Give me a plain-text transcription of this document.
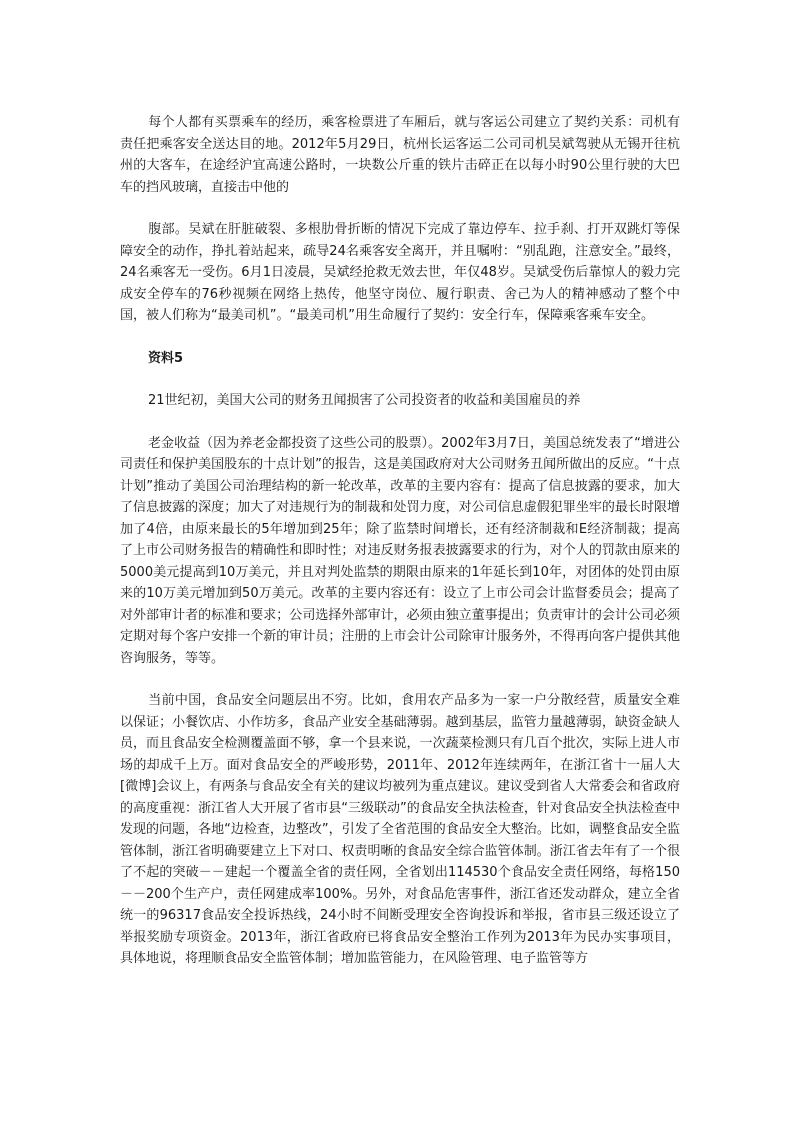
每个人都有买票乘车的经历，乘客检票进了车厢后，就与客运公司建立了契约关系：司机有责任把乘客安全送达目的地。2012年5月29日，杭州长运客运二公司司机吴斌驾驶从无锡开往杭州的大客车，在途经沪宜高速公路时，一块数公斤重的铁片击碎正在以每小时90公里行驶的大巴车的挡风玻璃，直接击中他的

腹部。吴斌在肝脏破裂、多根肋骨折断的情况下完成了靠边停车、拉手刹、打开双跳灯等保障安全的动作，挣扎着站起来，疏导24名乘客安全离开，并且嘱咐：“别乱跑，注意安全。”最终，24名乘客无一受伤。6月1日凌晨，吴斌经抢救无效去世，年仅48岁。吴斌受伤后靠惊人的毅力完成安全停车的76秒视频在网络上热传，他坚守岗位、履行职责、舍己为人的精神感动了整个中国，被人们称为“最美司机”。“最美司机”用生命履行了契约：安全行车，保障乘客乘车安全。

资料5

21世纪初，美国大公司的财务丑闻损害了公司投资者的收益和美国雇员的养

老金收益（因为养老金都投资了这些公司的股票）。2002年3月7日，美国总统发表了“增进公司责任和保护美国股东的十点计划”的报告，这是美国政府对大公司财务丑闻所做出的反应。“十点计划”推动了美国公司治理结构的新一轮改革，改革的主要内容有：提高了信息披露的要求，加大了信息披露的深度；加大了对违规行为的制裁和处罚力度，对公司信息虚假犯罪坐牢的最长时限增加了4倍，由原来最长的5年增加到25年；除了监禁时间增长，还有经济制裁和E经济制裁；提高了上市公司财务报告的精确性和即时性；对违反财务报表披露要求的行为，对个人的罚款由原来的5000美元提高到10万美元，并且对判处监禁的期限由原来的1年延长到10年，对团体的处罚由原来的10万美元增加到50万美元。改革的主要内容还有：设立了上市公司会计监督委员会；提高了对外部审计者的标准和要求；公司选择外部审计，必须由独立董事提出；负责审计的会计公司必须定期对每个客户安排一个新的审计员；注册的上市会计公司除审计服务外，不得再向客户提供其他咨询服务，等等。

当前中国，食品安全问题层出不穷。比如，食用农产品多为一家一户分散经营，质量安全难以保证；小餐饮店、小作坊多，食品产业安全基础薄弱。越到基层，监管力量越薄弱，缺资金缺人员，而且食品安全检测覆盖面不够，拿一个县来说，一次蔬菜检测只有几百个批次，实际上进人市场的却成千上万。面对食品安全的严峻形势，2011年、2012年连续两年，在浙江省十一届人大[微博]会议上，有两条与食品安全有关的建议均被列为重点建议。建议受到省人大常委会和省政府的高度重视：浙江省人大开展了省市县“三级联动”的食品安全执法检查，针对食品安全执法检查中发现的问题，各地“边检查，边整改”，引发了全省范围的食品安全大整治。比如，调整食品安全监管体制，浙江省明确要建立上下对口、权责明晰的食品安全综合监管体制。浙江省去年有了一个很了不起的突破－－建起一个覆盖全省的责任网，全省划出114530个食品安全责任网络，每格150－－200个生产户，责任网建成率100%。另外，对食品危害事件，浙江省还发动群众，建立全省统一的96317食品安全投诉热线，24小时不间断受理安全咨询投诉和举报，省市县三级还设立了举报奖励专项资金。2013年，浙江省政府已将食品安全整治工作列为2013年为民办实事项目，具体地说，将理顺食品安全监管体制；增加监管能力，在风险管理、电子监管等方
